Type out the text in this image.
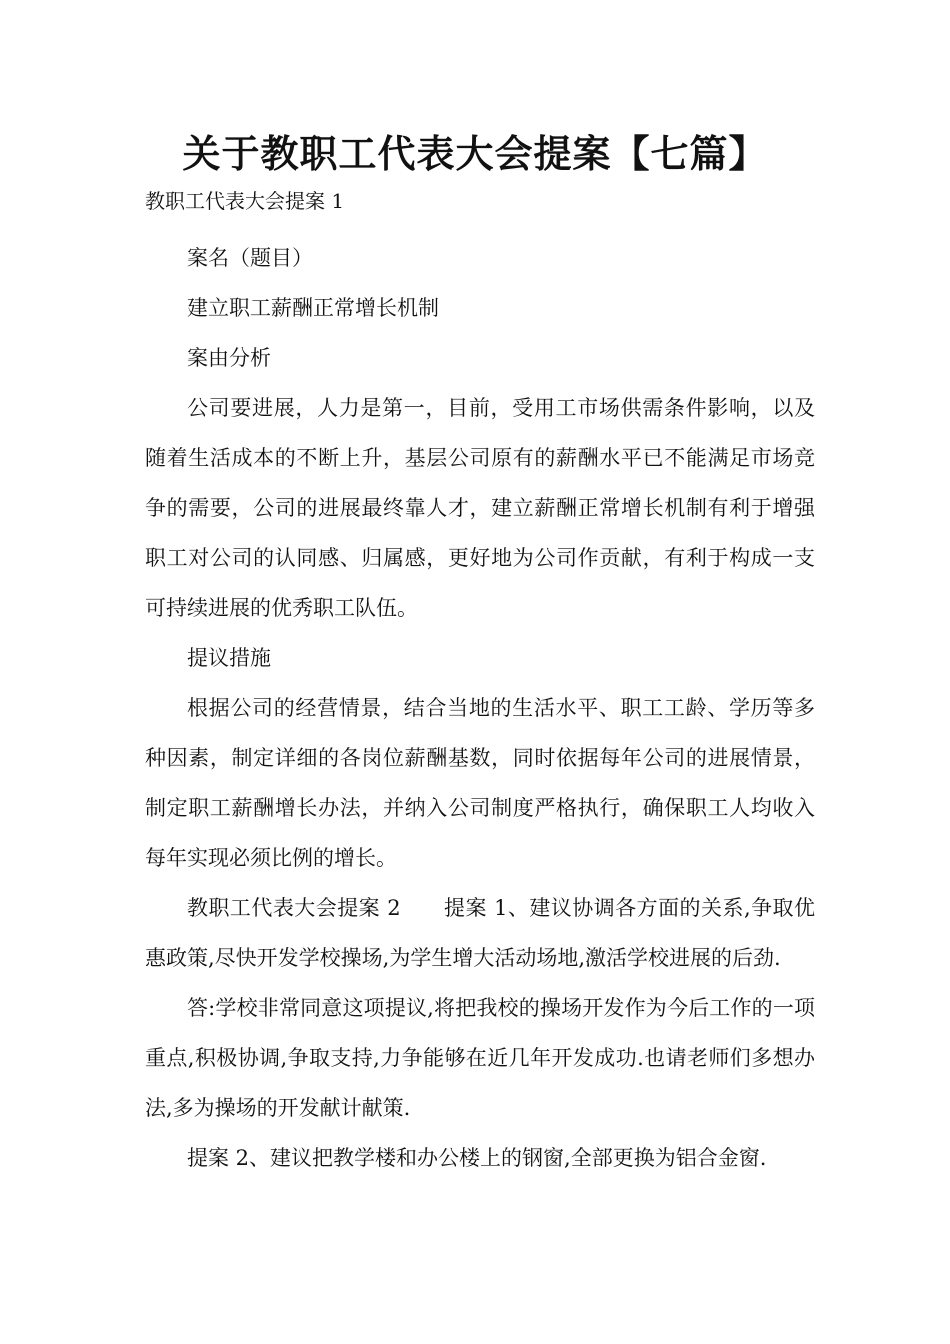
关于教职工代表大会提案【七篇】
教职工代表大会提案 1

案名（题目）

建立职工薪酬正常增长机制

案由分析

公司要进展，人力是第一，目前，受用工市场供需条件影响，以及随着生活成本的不断上升，基层公司原有的薪酬水平已不能满足市场竞争的需要，公司的进展最终靠人才，建立薪酬正常增长机制有利于增强职工对公司的认同感、归属感，更好地为公司作贡献，有利于构成一支可持续进展的优秀职工队伍。

提议措施

根据公司的经营情景，结合当地的生活水平、职工工龄、学历等多种因素，制定详细的各岗位薪酬基数，同时依据每年公司的进展情景，制定职工薪酬增长办法，并纳入公司制度严格执行，确保职工人均收入每年实现必须比例的增长。

教职工代表大会提案 2　　提案 1、建议协调各方面的关系,争取优惠政策,尽快开发学校操场,为学生增大活动场地,激活学校进展的后劲.

答:学校非常同意这项提议,将把我校的操场开发作为今后工作的一项重点,积极协调,争取支持,力争能够在近几年开发成功.也请老师们多想办法,多为操场的开发献计献策.

提案 2、建议把教学楼和办公楼上的钢窗,全部更换为铝合金窗.
